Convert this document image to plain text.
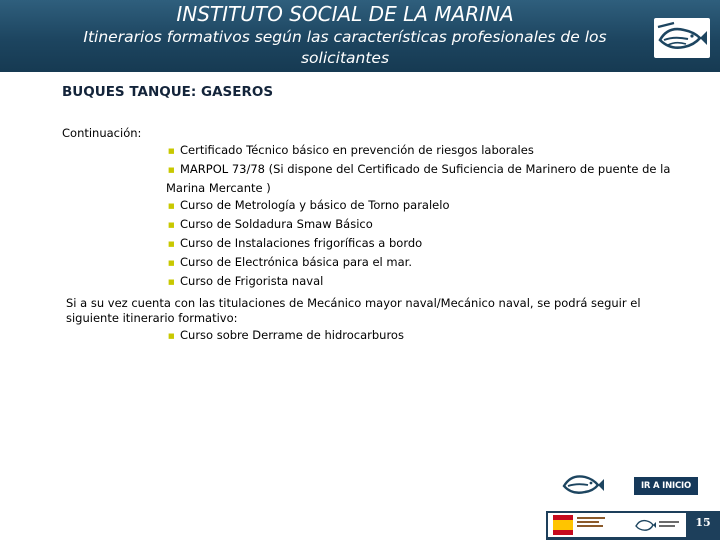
INSTITUTO SOCIAL DE LA MARINA
Itinerarios formativos según las características profesionales de los
solicitantes
BUQUES TANQUE: GASEROS
Continuación:
■ Certificado Técnico básico en prevención de riesgos laborales
■ MARPOL 73/78 (Si dispone del Certificado de Suficiencia de Marinero de puente de la
Marina Mercante )
■ Curso de Metrología y básico de Torno paralelo
■ Curso de Soldadura Smaw Básico
■ Curso de Instalaciones frigoríficas a bordo
■ Curso de Electrónica básica para el mar.
■ Curso de Frigorista naval
Si a su vez cuenta con las titulaciones de Mecánico mayor naval/Mecánico naval, se podrá seguir el
siguiente itinerario formativo:
■ Curso sobre Derrame de hidrocarburos
IR A INICIO
15
